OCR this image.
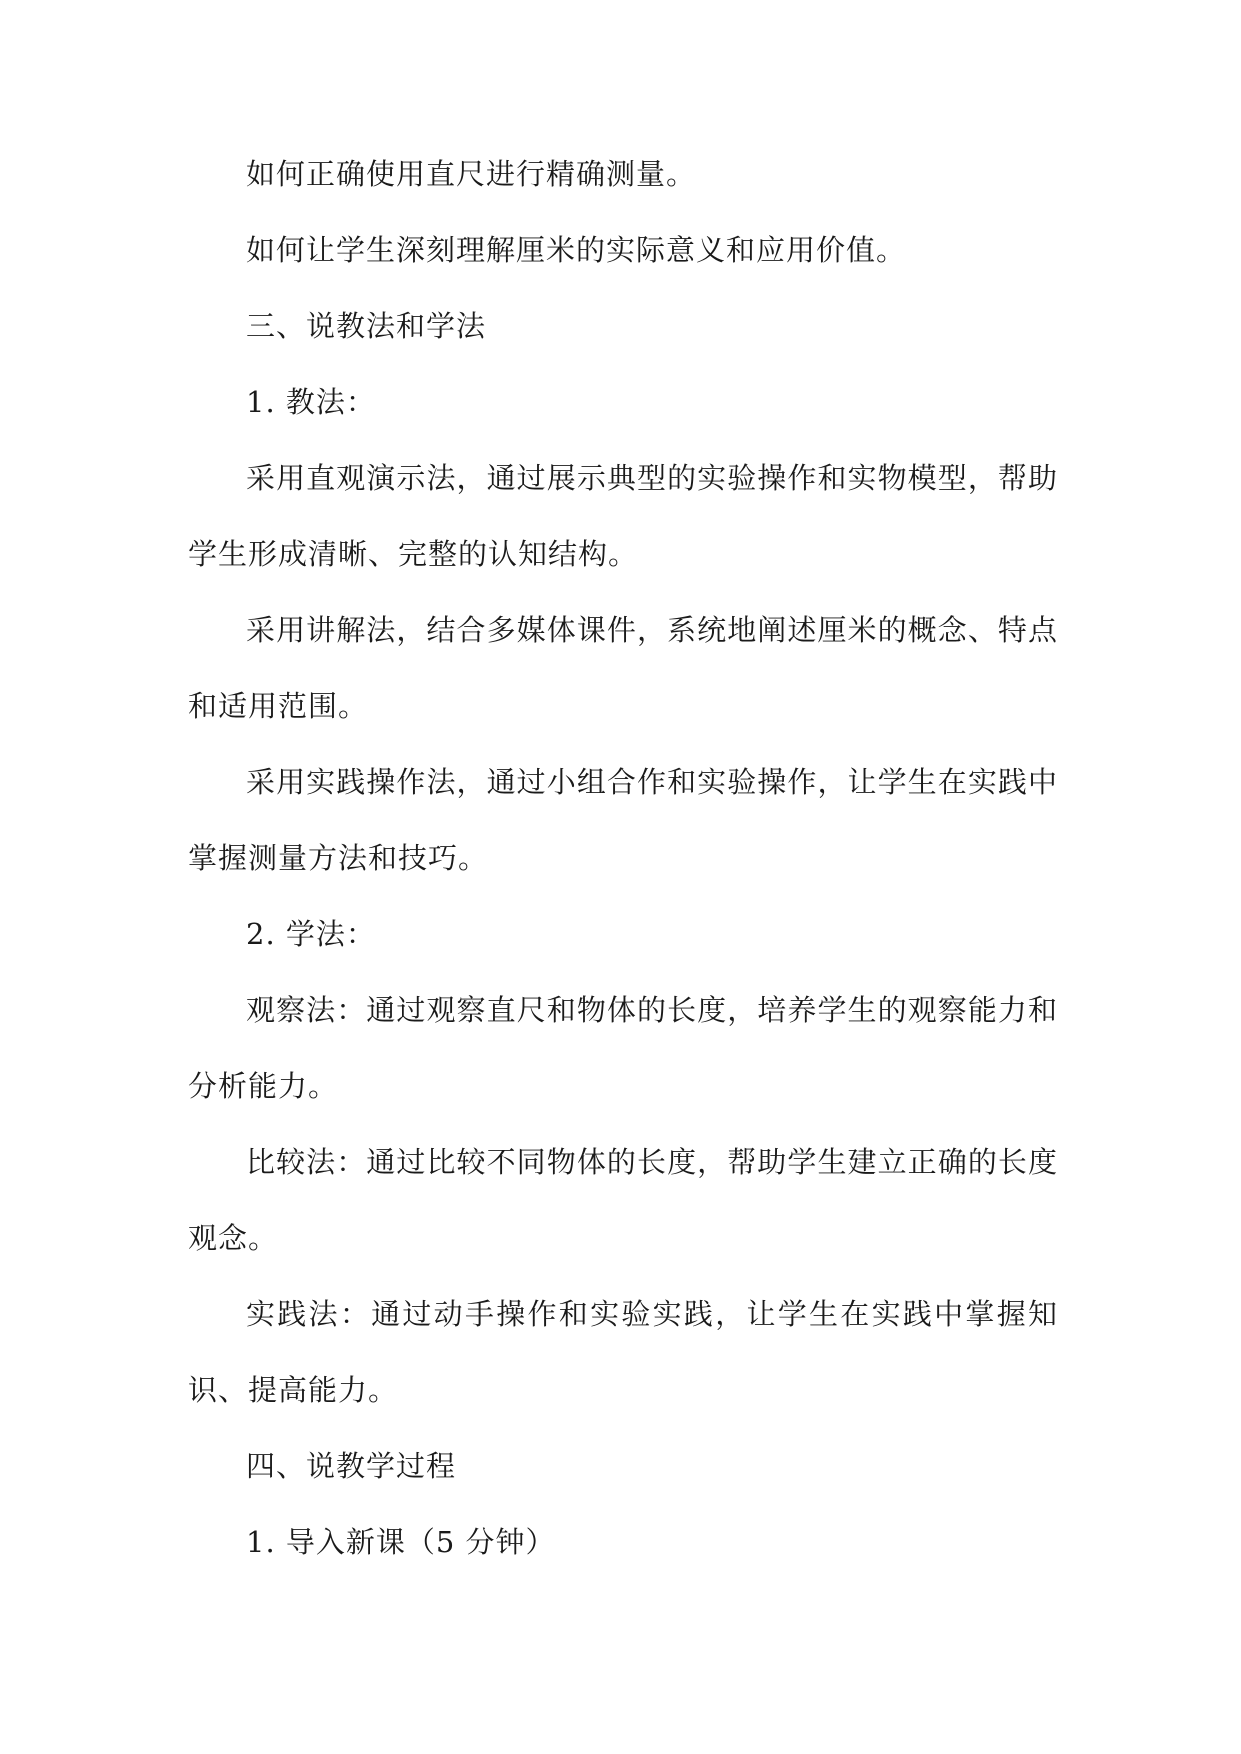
如何正确使用直尺进行精确测量。

如何让学生深刻理解厘米的实际意义和应用价值。

三、说教法和学法

1. 教法：

采用直观演示法，通过展示典型的实验操作和实物模型，帮助学生形成清晰、完整的认知结构。

采用讲解法，结合多媒体课件，系统地阐述厘米的概念、特点和适用范围。

采用实践操作法，通过小组合作和实验操作，让学生在实践中掌握测量方法和技巧。

2. 学法：

观察法：通过观察直尺和物体的长度，培养学生的观察能力和分析能力。

比较法：通过比较不同物体的长度，帮助学生建立正确的长度观念。

实践法：通过动手操作和实验实践，让学生在实践中掌握知识、提高能力。

四、说教学过程

1. 导入新课（5 分钟）
